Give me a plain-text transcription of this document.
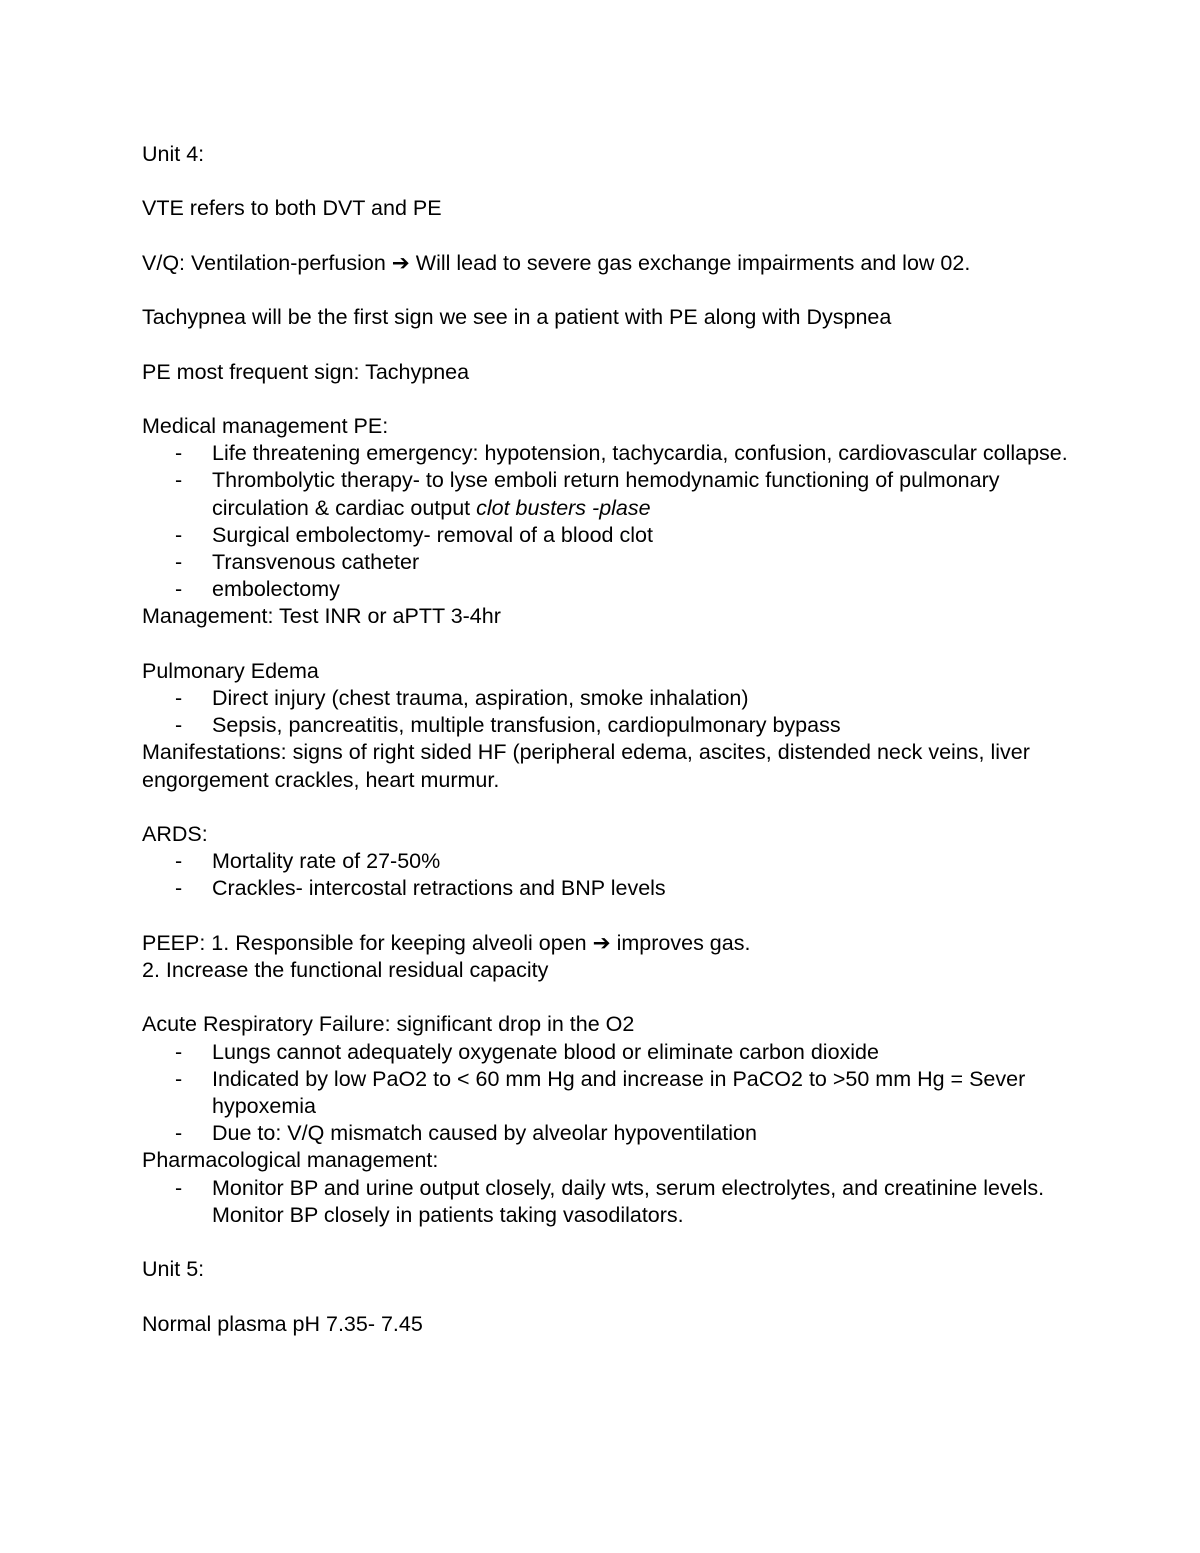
Unit 4:

VTE refers to both DVT and PE

V/Q: Ventilation-perfusion ➔ Will lead to severe gas exchange impairments and low 02.

Tachypnea will be the first sign we see in a patient with PE along with Dyspnea

PE most frequent sign: Tachypnea

Medical management PE:

- Life threatening emergency: hypotension, tachycardia, confusion, cardiovascular collapse.
- Thrombolytic therapy- to lyse emboli return hemodynamic functioning of pulmonary circulation & cardiac output clot busters -plase
- Surgical embolectomy- removal of a blood clot
- Transvenous catheter
- embolectomy

Management: Test INR or aPTT 3-4hr

Pulmonary Edema

- Direct injury (chest trauma, aspiration, smoke inhalation)
- Sepsis, pancreatitis, multiple transfusion, cardiopulmonary bypass

Manifestations: signs of right sided HF (peripheral edema, ascites, distended neck veins, liver engorgement crackles, heart murmur.

ARDS:

- Mortality rate of 27-50%
- Crackles- intercostal retractions and BNP levels

PEEP: 1. Responsible for keeping alveoli open ➔ improves gas.

2. Increase the functional residual capacity

Acute Respiratory Failure: significant drop in the O2

- Lungs cannot adequately oxygenate blood or eliminate carbon dioxide
- Indicated by low PaO2 to < 60 mm Hg and increase in PaCO2 to >50 mm Hg = Sever hypoxemia
- Due to: V/Q mismatch caused by alveolar hypoventilation

Pharmacological management:

- Monitor BP and urine output closely, daily wts, serum electrolytes, and creatinine levels. Monitor BP closely in patients taking vasodilators.

Unit 5:

Normal plasma pH 7.35- 7.45
